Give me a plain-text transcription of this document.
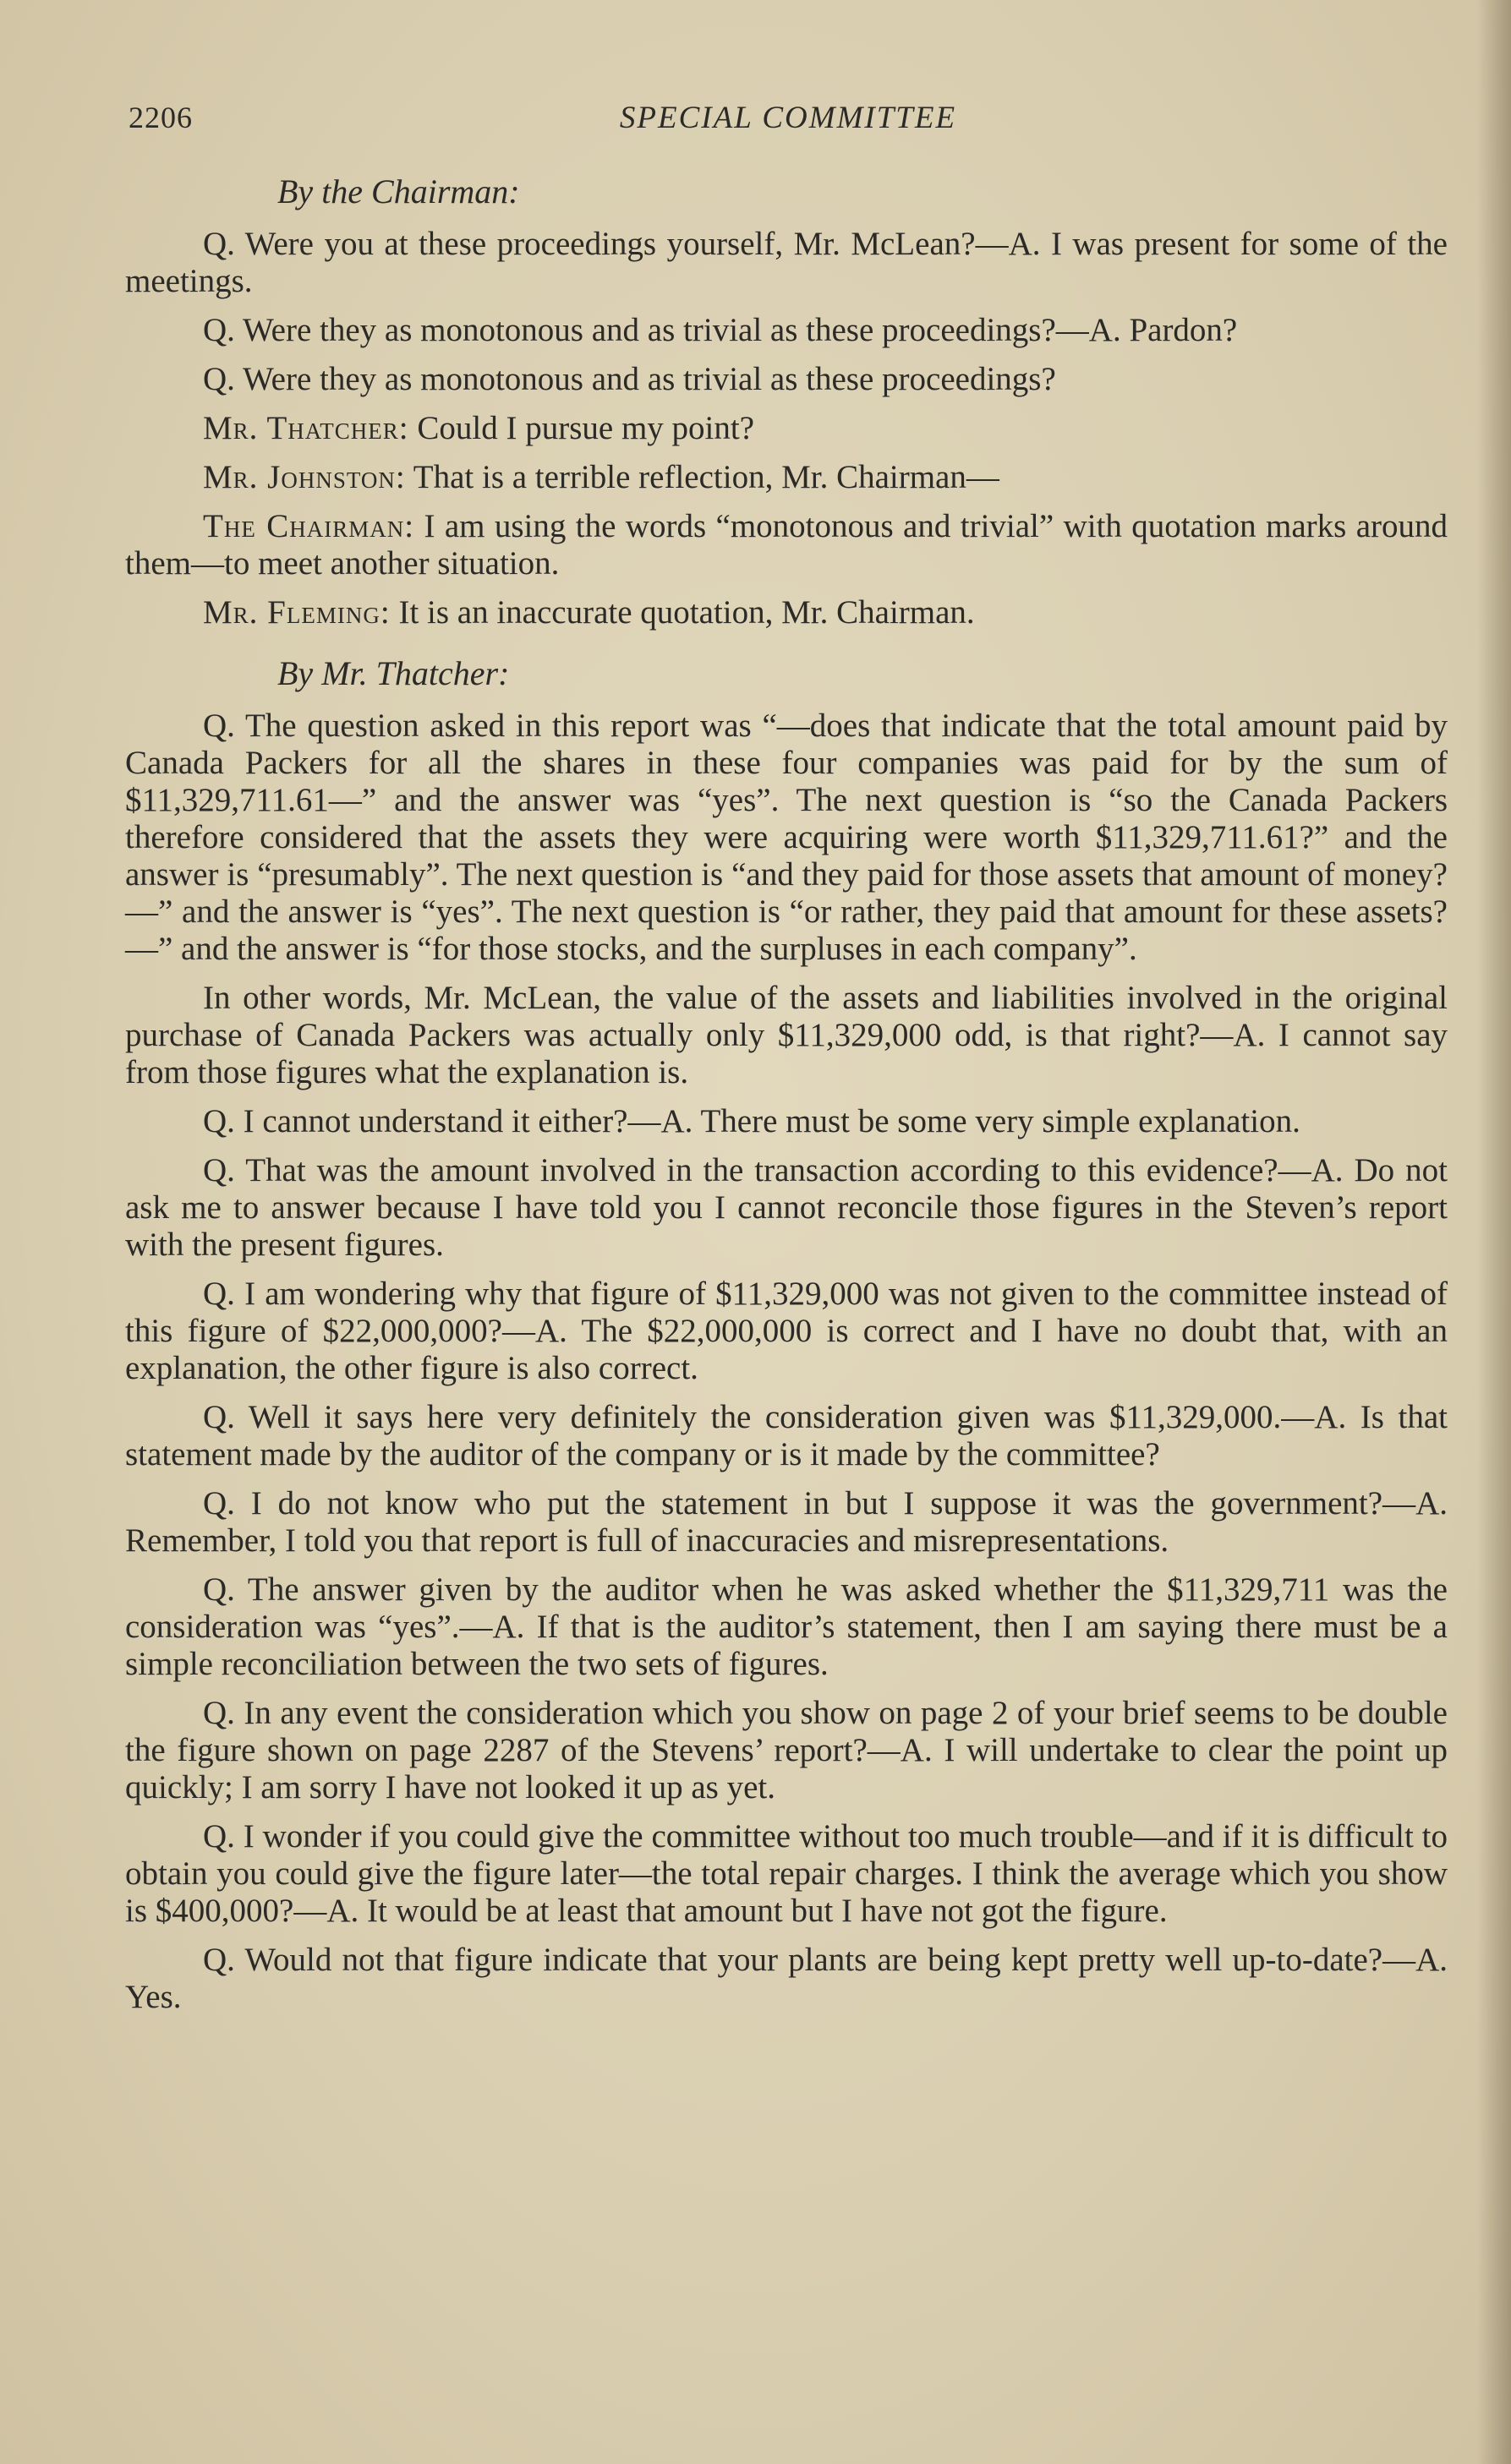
2206	SPECIAL COMMITTEE
By the Chairman:

Q. Were you at these proceedings yourself, Mr. McLean?—A. I was present for some of the meetings.

Q. Were they as monotonous and as trivial as these proceedings?—A. Pardon?

Q. Were they as monotonous and as trivial as these proceedings?

Mr. Thatcher: Could I pursue my point?

Mr. Johnston: That is a terrible reflection, Mr. Chairman—

The Chairman: I am using the words “monotonous and trivial” with quotation marks around them—to meet another situation.

Mr. Fleming: It is an inaccurate quotation, Mr. Chairman.

By Mr. Thatcher:

Q. The question asked in this report was “—does that indicate that the total amount paid by Canada Packers for all the shares in these four companies was paid for by the sum of $11,329,711.61—” and the answer was “yes”. The next question is “so the Canada Packers therefore considered that the assets they were acquiring were worth $11,329,711.61?” and the answer is “presumably”. The next question is “and they paid for those assets that amount of money?—” and the answer is “yes”. The next question is “or rather, they paid that amount for these assets?—” and the answer is “for those stocks, and the surpluses in each company”.

In other words, Mr. McLean, the value of the assets and liabilities involved in the original purchase of Canada Packers was actually only $11,329,000 odd, is that right?—A. I cannot say from those figures what the explanation is.

Q. I cannot understand it either?—A. There must be some very simple explanation.

Q. That was the amount involved in the transaction according to this evidence?—A. Do not ask me to answer because I have told you I cannot reconcile those figures in the Steven’s report with the present figures.

Q. I am wondering why that figure of $11,329,000 was not given to the committee instead of this figure of $22,000,000?—A. The $22,000,000 is correct and I have no doubt that, with an explanation, the other figure is also correct.

Q. Well it says here very definitely the consideration given was $11,329,000.—A. Is that statement made by the auditor of the company or is it made by the committee?

Q. I do not know who put the statement in but I suppose it was the government?—A. Remember, I told you that report is full of inaccuracies and misrepresentations.

Q. The answer given by the auditor when he was asked whether the $11,329,711 was the consideration was “yes”.—A. If that is the auditor’s statement, then I am saying there must be a simple reconciliation between the two sets of figures.

Q. In any event the consideration which you show on page 2 of your brief seems to be double the figure shown on page 2287 of the Stevens’ report?—A. I will undertake to clear the point up quickly; I am sorry I have not looked it up as yet.

Q. I wonder if you could give the committee without too much trouble—and if it is difficult to obtain you could give the figure later—the total repair charges. I think the average which you show is $400,000?—A. It would be at least that amount but I have not got the figure.

Q. Would not that figure indicate that your plants are being kept pretty well up-to-date?—A. Yes.
